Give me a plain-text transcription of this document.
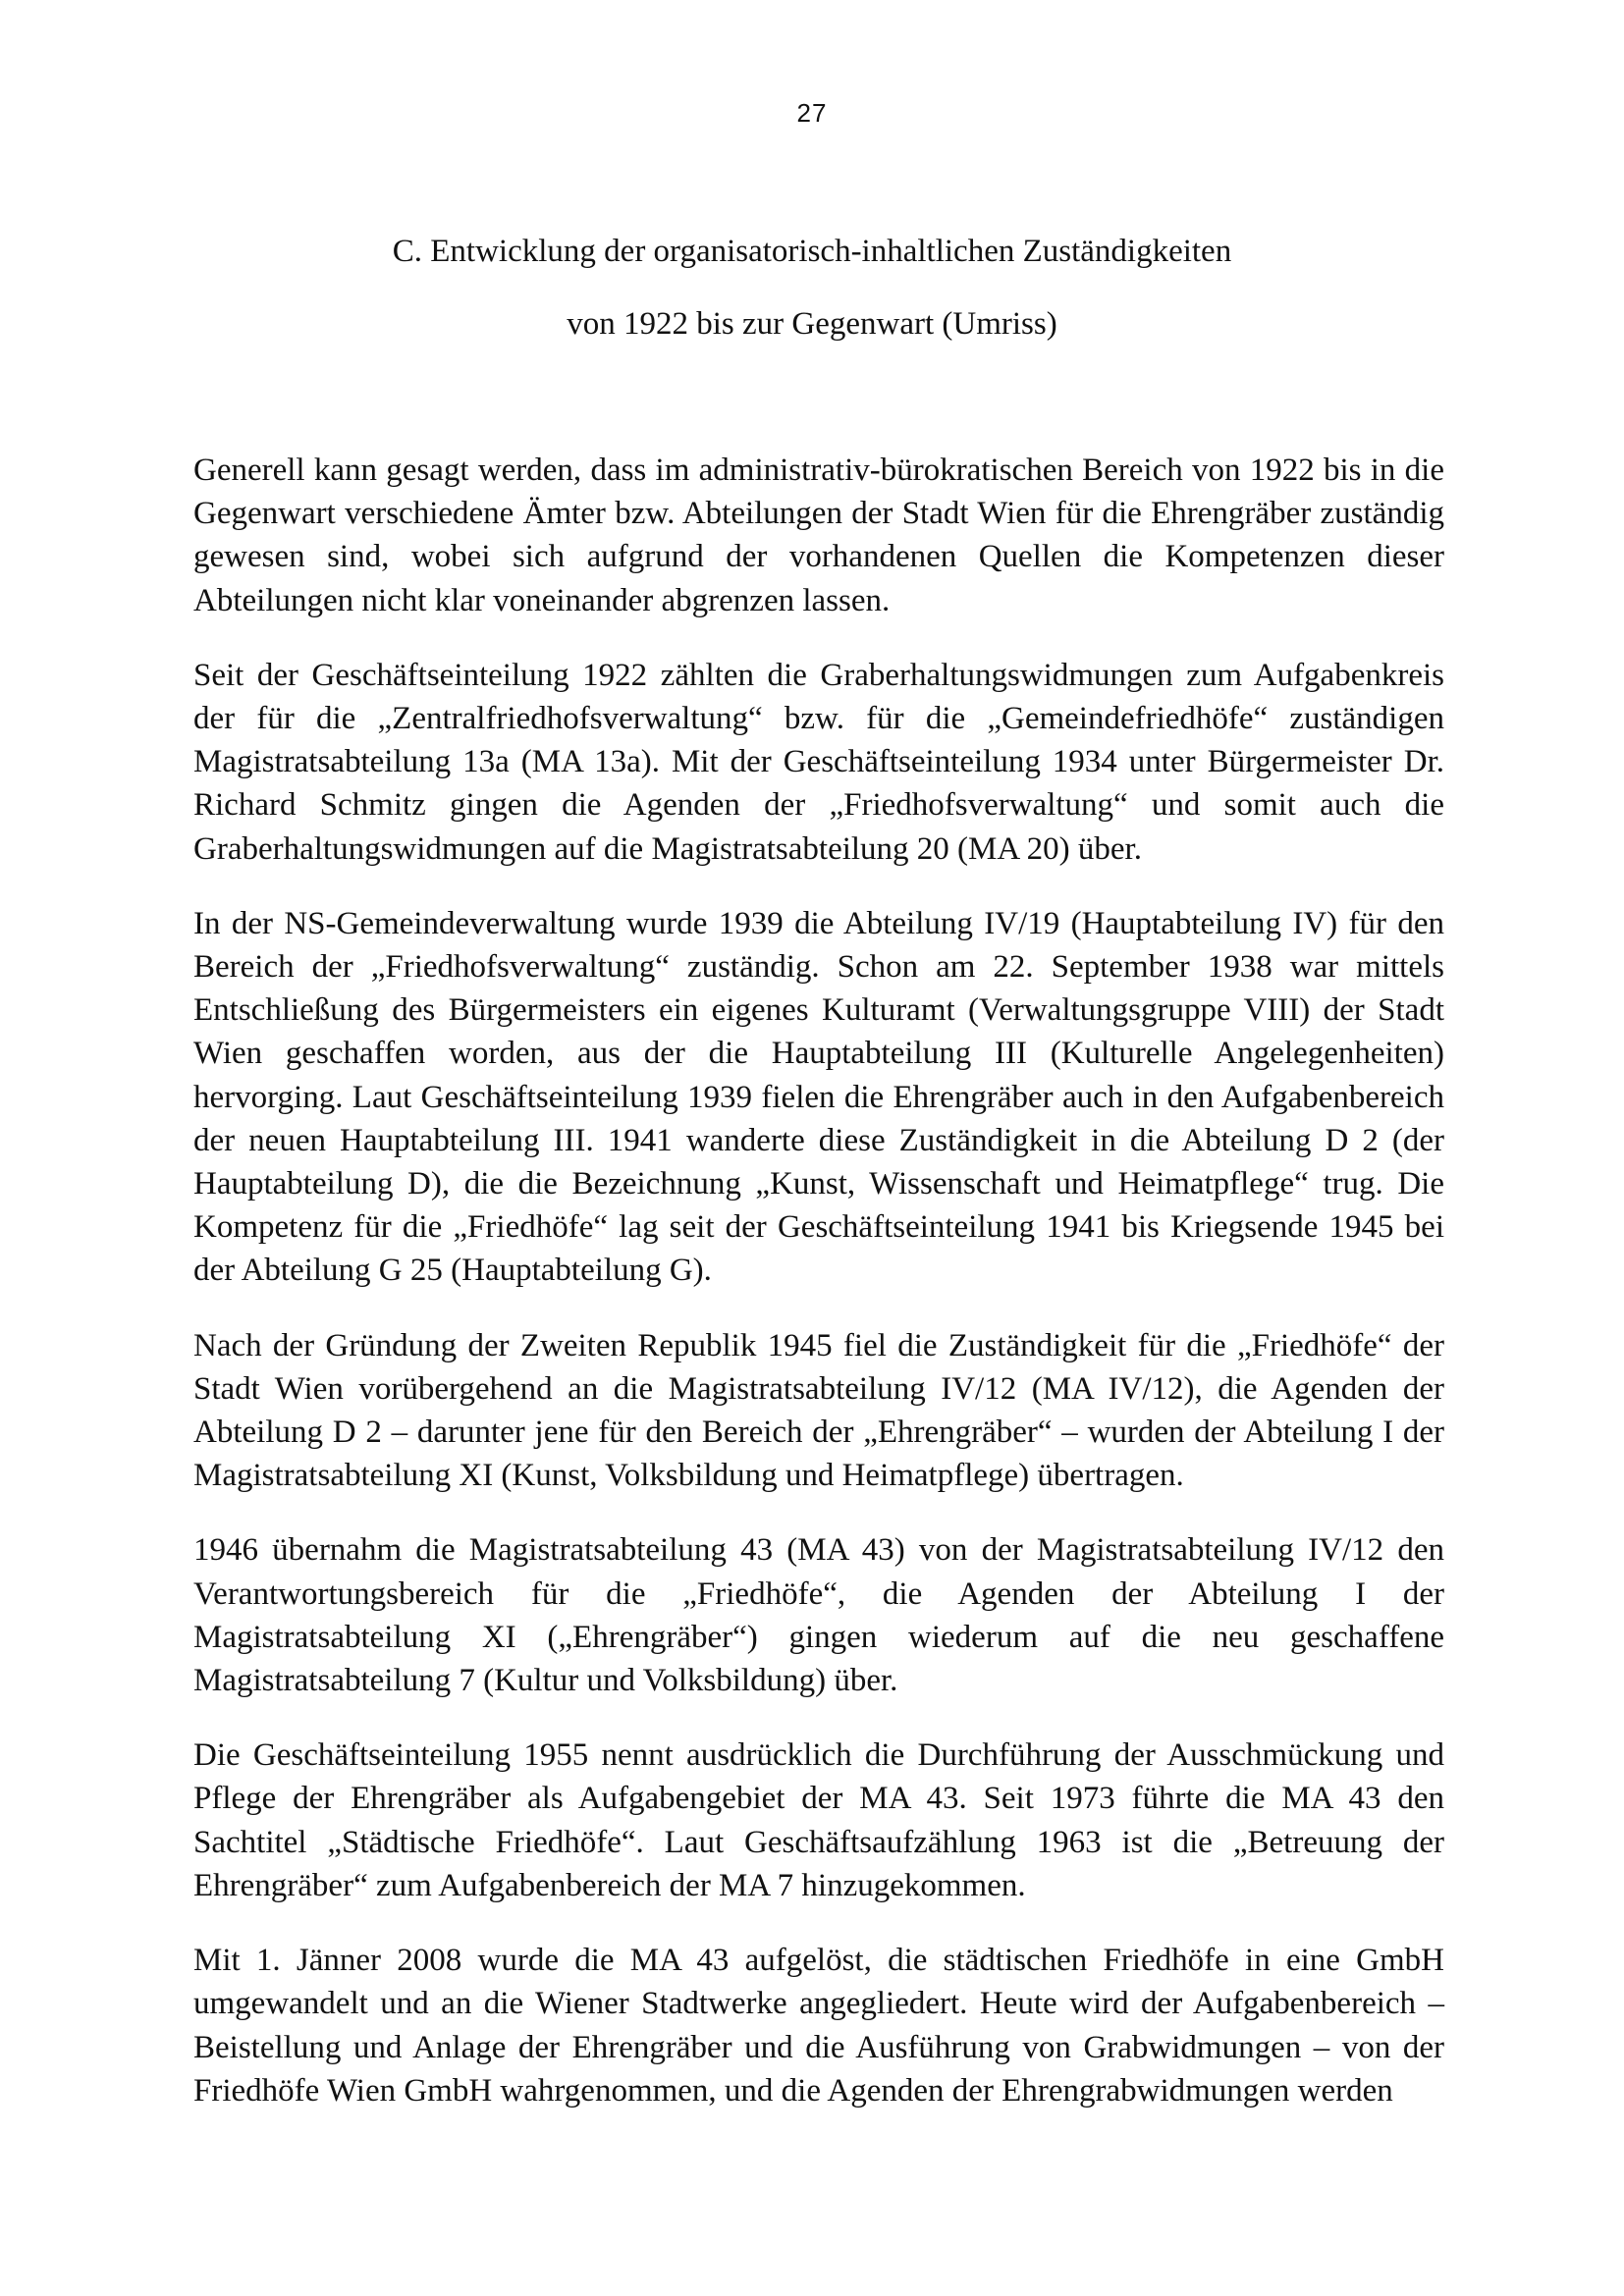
27
C. Entwicklung der organisatorisch-inhaltlichen Zuständigkeiten
von 1922 bis zur Gegenwart (Umriss)

Generell kann gesagt werden, dass im administrativ-bürokratischen Bereich von 1922 bis in die Gegenwart verschiedene Ämter bzw. Abteilungen der Stadt Wien für die Ehrengräber zuständig gewesen sind, wobei sich aufgrund der vorhandenen Quellen die Kompetenzen dieser Abteilungen nicht klar voneinander abgrenzen lassen.

Seit der Geschäftseinteilung 1922 zählten die Graberhaltungswidmungen zum Aufgabenkreis der für die „Zentralfriedhofsverwaltung“ bzw. für die „Gemeindefriedhöfe“ zuständigen Magistratsabteilung 13a (MA 13a). Mit der Geschäftseinteilung 1934 unter Bürgermeister Dr. Richard Schmitz gingen die Agenden der „Friedhofsverwaltung“ und somit auch die Graberhaltungswidmungen auf die Magistratsabteilung 20 (MA 20) über.

In der NS-Gemeindeverwaltung wurde 1939 die Abteilung IV/19 (Hauptabteilung IV) für den Bereich der „Friedhofsverwaltung“ zuständig. Schon am 22. September 1938 war mittels Entschließung des Bürgermeisters ein eigenes Kulturamt (Verwaltungsgruppe VIII) der Stadt Wien geschaffen worden, aus der die Hauptabteilung III (Kulturelle Angelegenheiten) hervorging. Laut Geschäftseinteilung 1939 fielen die Ehrengräber auch in den Aufgabenbereich der neuen Hauptabteilung III. 1941 wanderte diese Zuständigkeit in die Abteilung D 2 (der Hauptabteilung D), die die Bezeichnung „Kunst, Wissenschaft und Heimatpflege“ trug. Die Kompetenz für die „Friedhöfe“ lag seit der Geschäftseinteilung 1941 bis Kriegsende 1945 bei der Abteilung G 25 (Hauptabteilung G).

Nach der Gründung der Zweiten Republik 1945 fiel die Zuständigkeit für die „Friedhöfe“ der Stadt Wien vorübergehend an die Magistratsabteilung IV/12 (MA IV/12), die Agenden der Abteilung D 2 – darunter jene für den Bereich der „Ehrengräber“ – wurden der Abteilung I der Magistratsabteilung XI (Kunst, Volksbildung und Heimatpflege) übertragen.

1946 übernahm die Magistratsabteilung 43 (MA 43) von der Magistratsabteilung IV/12 den Verantwortungsbereich für die „Friedhöfe“, die Agenden der Abteilung I der Magistratsabteilung XI („Ehrengräber“) gingen wiederum auf die neu geschaffene Magistratsabteilung 7 (Kultur und Volksbildung) über.

Die Geschäftseinteilung 1955 nennt ausdrücklich die Durchführung der Ausschmückung und Pflege der Ehrengräber als Aufgabengebiet der MA 43. Seit 1973 führte die MA 43 den Sachtitel „Städtische Friedhöfe“. Laut Geschäftsaufzählung 1963 ist die „Betreuung der Ehrengräber“ zum Aufgabenbereich der MA 7 hinzugekommen.

Mit 1. Jänner 2008 wurde die MA 43 aufgelöst, die städtischen Friedhöfe in eine GmbH umgewandelt und an die Wiener Stadtwerke angegliedert. Heute wird der Aufgabenbereich – Beistellung und Anlage der Ehrengräber und die Ausführung von Grabwidmungen – von der Friedhöfe Wien GmbH wahrgenommen, und die Agenden der Ehrengrabwidmungen werden
